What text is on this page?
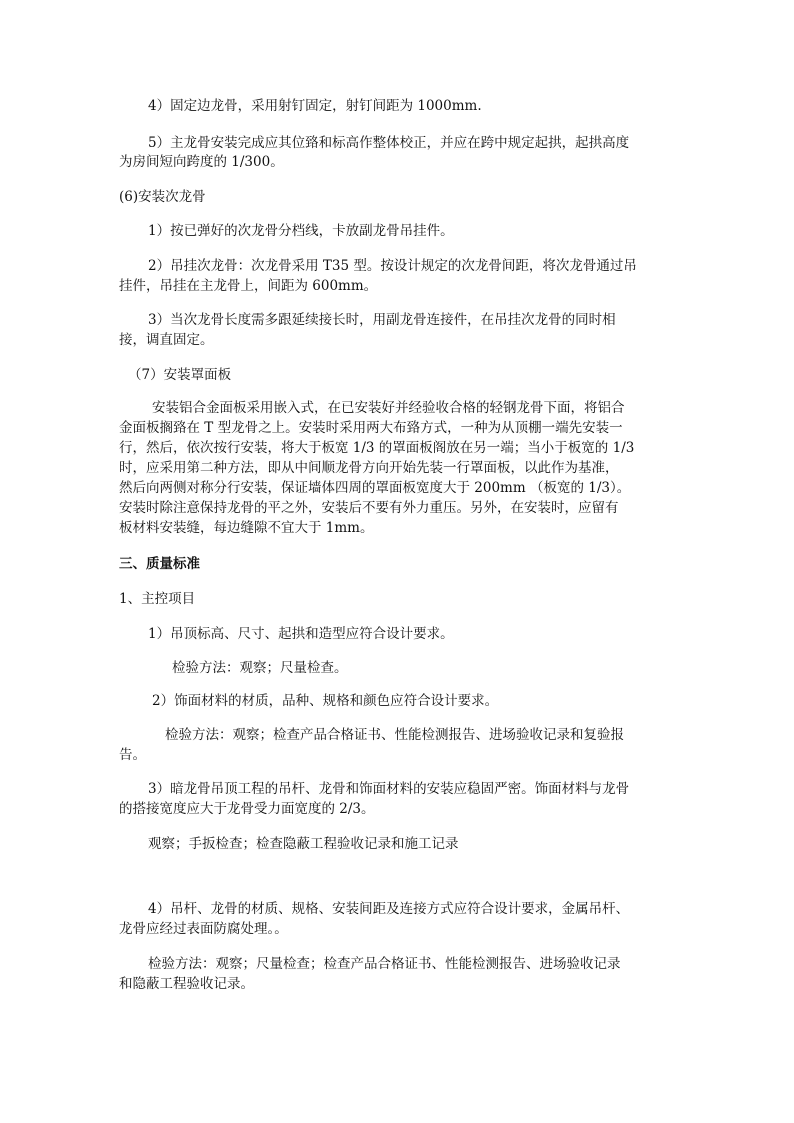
4）固定边龙骨，采用射钉固定，射钉间距为 1000mm.
5）主龙骨安装完成应其位臵和标高作整体校正，并应在跨中规定起拱，起拱高度
为房间短向跨度的 1/300。
(6)安装次龙骨
1）按已弹好的次龙骨分档线，卡放副龙骨吊挂件。
2）吊挂次龙骨：次龙骨采用 T35 型。按设计规定的次龙骨间距，将次龙骨通过吊
挂件，吊挂在主龙骨上，间距为 600mm。
3）当次龙骨长度需多跟延续接长时，用副龙骨连接件，在吊挂次龙骨的同时相
接，调直固定。
（7）安装罩面板
安装铝合金面板采用嵌入式，在已安装好并经验收合格的轻钢龙骨下面，将铝合
金面板搁臵在 T 型龙骨之上。安装时采用两大布臵方式，一种为从顶棚一端先安装一
行，然后，依次按行安装，将大于板宽 1/3 的罩面板阁放在另一端；当小于板宽的 1/3
时，应采用第二种方法，即从中间顺龙骨方向开始先装一行罩面板，以此作为基准，
然后向两侧对称分行安装，保证墙体四周的罩面板宽度大于 200mm （板宽的 1/3）。
安装时除注意保持龙骨的平之外，安装后不要有外力重压。另外，在安装时，应留有
板材料安装缝，每边缝隙不宜大于 1mm。
三、质量标准
1、主控项目
1）吊顶标高、尺寸、起拱和造型应符合设计要求。
检验方法：观察；尺量检查。
2）饰面材料的材质，品种、规格和颜色应符合设计要求。
检验方法：观察；检查产品合格证书、性能检测报告、进场验收记录和复验报
告。
3）暗龙骨吊顶工程的吊杆、龙骨和饰面材料的安装应稳固严密。饰面材料与龙骨
的搭接宽度应大于龙骨受力面宽度的 2/3。
观察；手扳检查；检查隐蔽工程验收记录和施工记录
4）吊杆、龙骨的材质、规格、安装间距及连接方式应符合设计要求，金属吊杆、
龙骨应经过表面防腐处理。。
检验方法：观察；尺量检查；检查产品合格证书、性能检测报告、进场验收记录
和隐蔽工程验收记录。
